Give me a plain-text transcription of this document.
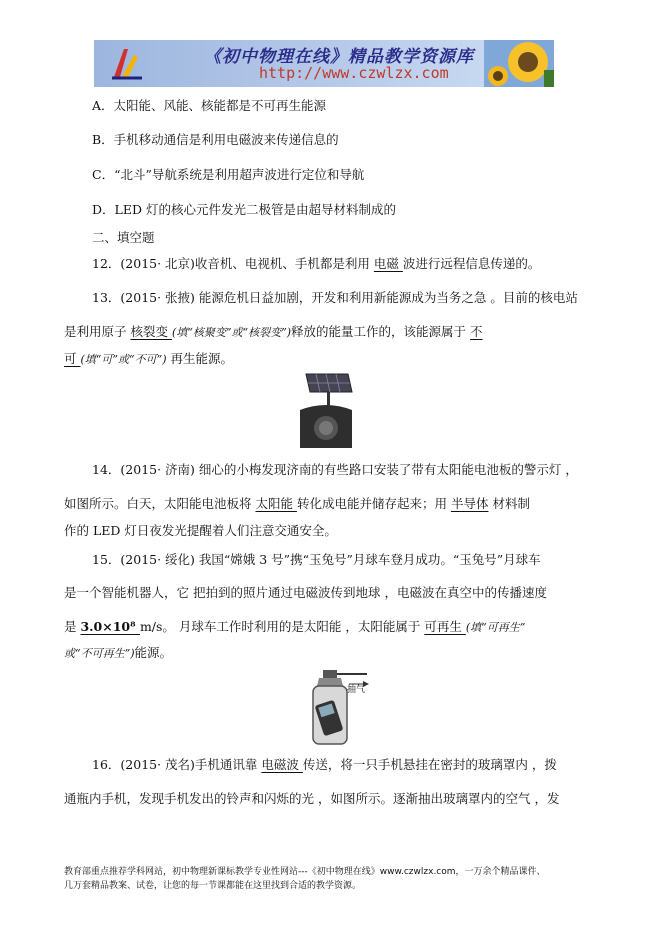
《初中物理在线》精品教学资源库
http://www.czwlzx.com
A．太阳能、风能、核能都是不可再生能源
B．手机移动通信是利用电磁波来传递信息的
C．“北斗”导航系统是利用超声波进行定位和导航
D．LED 灯的核心元件发光二极管是由超导材料制成的
二、填空题
12．(2015· 北京)收音机、电视机、手机都是利用 电磁 波进行远程信息传递的。
13．(2015· 张掖) 能源危机日益加剧，开发和利用新能源成为当务之急 。目前的核电站
是利用原子 核裂变 (填“核聚变”或“核裂变”)释放的能量工作的，该能源属于 不
可 (填“可”或“不可”) 再生能源。
14．(2015· 济南) 细心的小梅发现济南的有些路口安装了带有太阳能电池板的警示灯 ，
如图所示。白天，太阳能电池板将 太阳能 转化成电能并储存起来；用 半导体 材料制
作的 LED 灯日夜发光提醒着人们注意交通安全。
15．(2015· 绥化) 我国“嫦娥 3 号”携“玉兔号”月球车登月成功。“玉兔号”月球车
是一个智能机器人，它 把拍到的照片通过电磁波传到地球 ，电磁波在真空中的传播速度
是 3.0×10⁸ m/s。 月球车工作时利用的是太阳能 ，太阳能属于 可再生 (填“可再生”
或“不可再生”)能源。
抽气
16．(2015· 茂名)手机通讯靠 电磁波 传送，将一只手机悬挂在密封的玻璃罩内 ，拨
通瓶内手机，发现手机发出的铃声和闪烁的光 ，如图所示。逐渐抽出玻璃罩内的空气 ，发
教育部重点推荐学科网站，初中物理新课标教学专业性网站---《初中物理在线》www.czwlzx.com，一万余个精品课件、
几万套精品教案、试卷，让您的每一节课都能在这里找到合适的教学资源。
